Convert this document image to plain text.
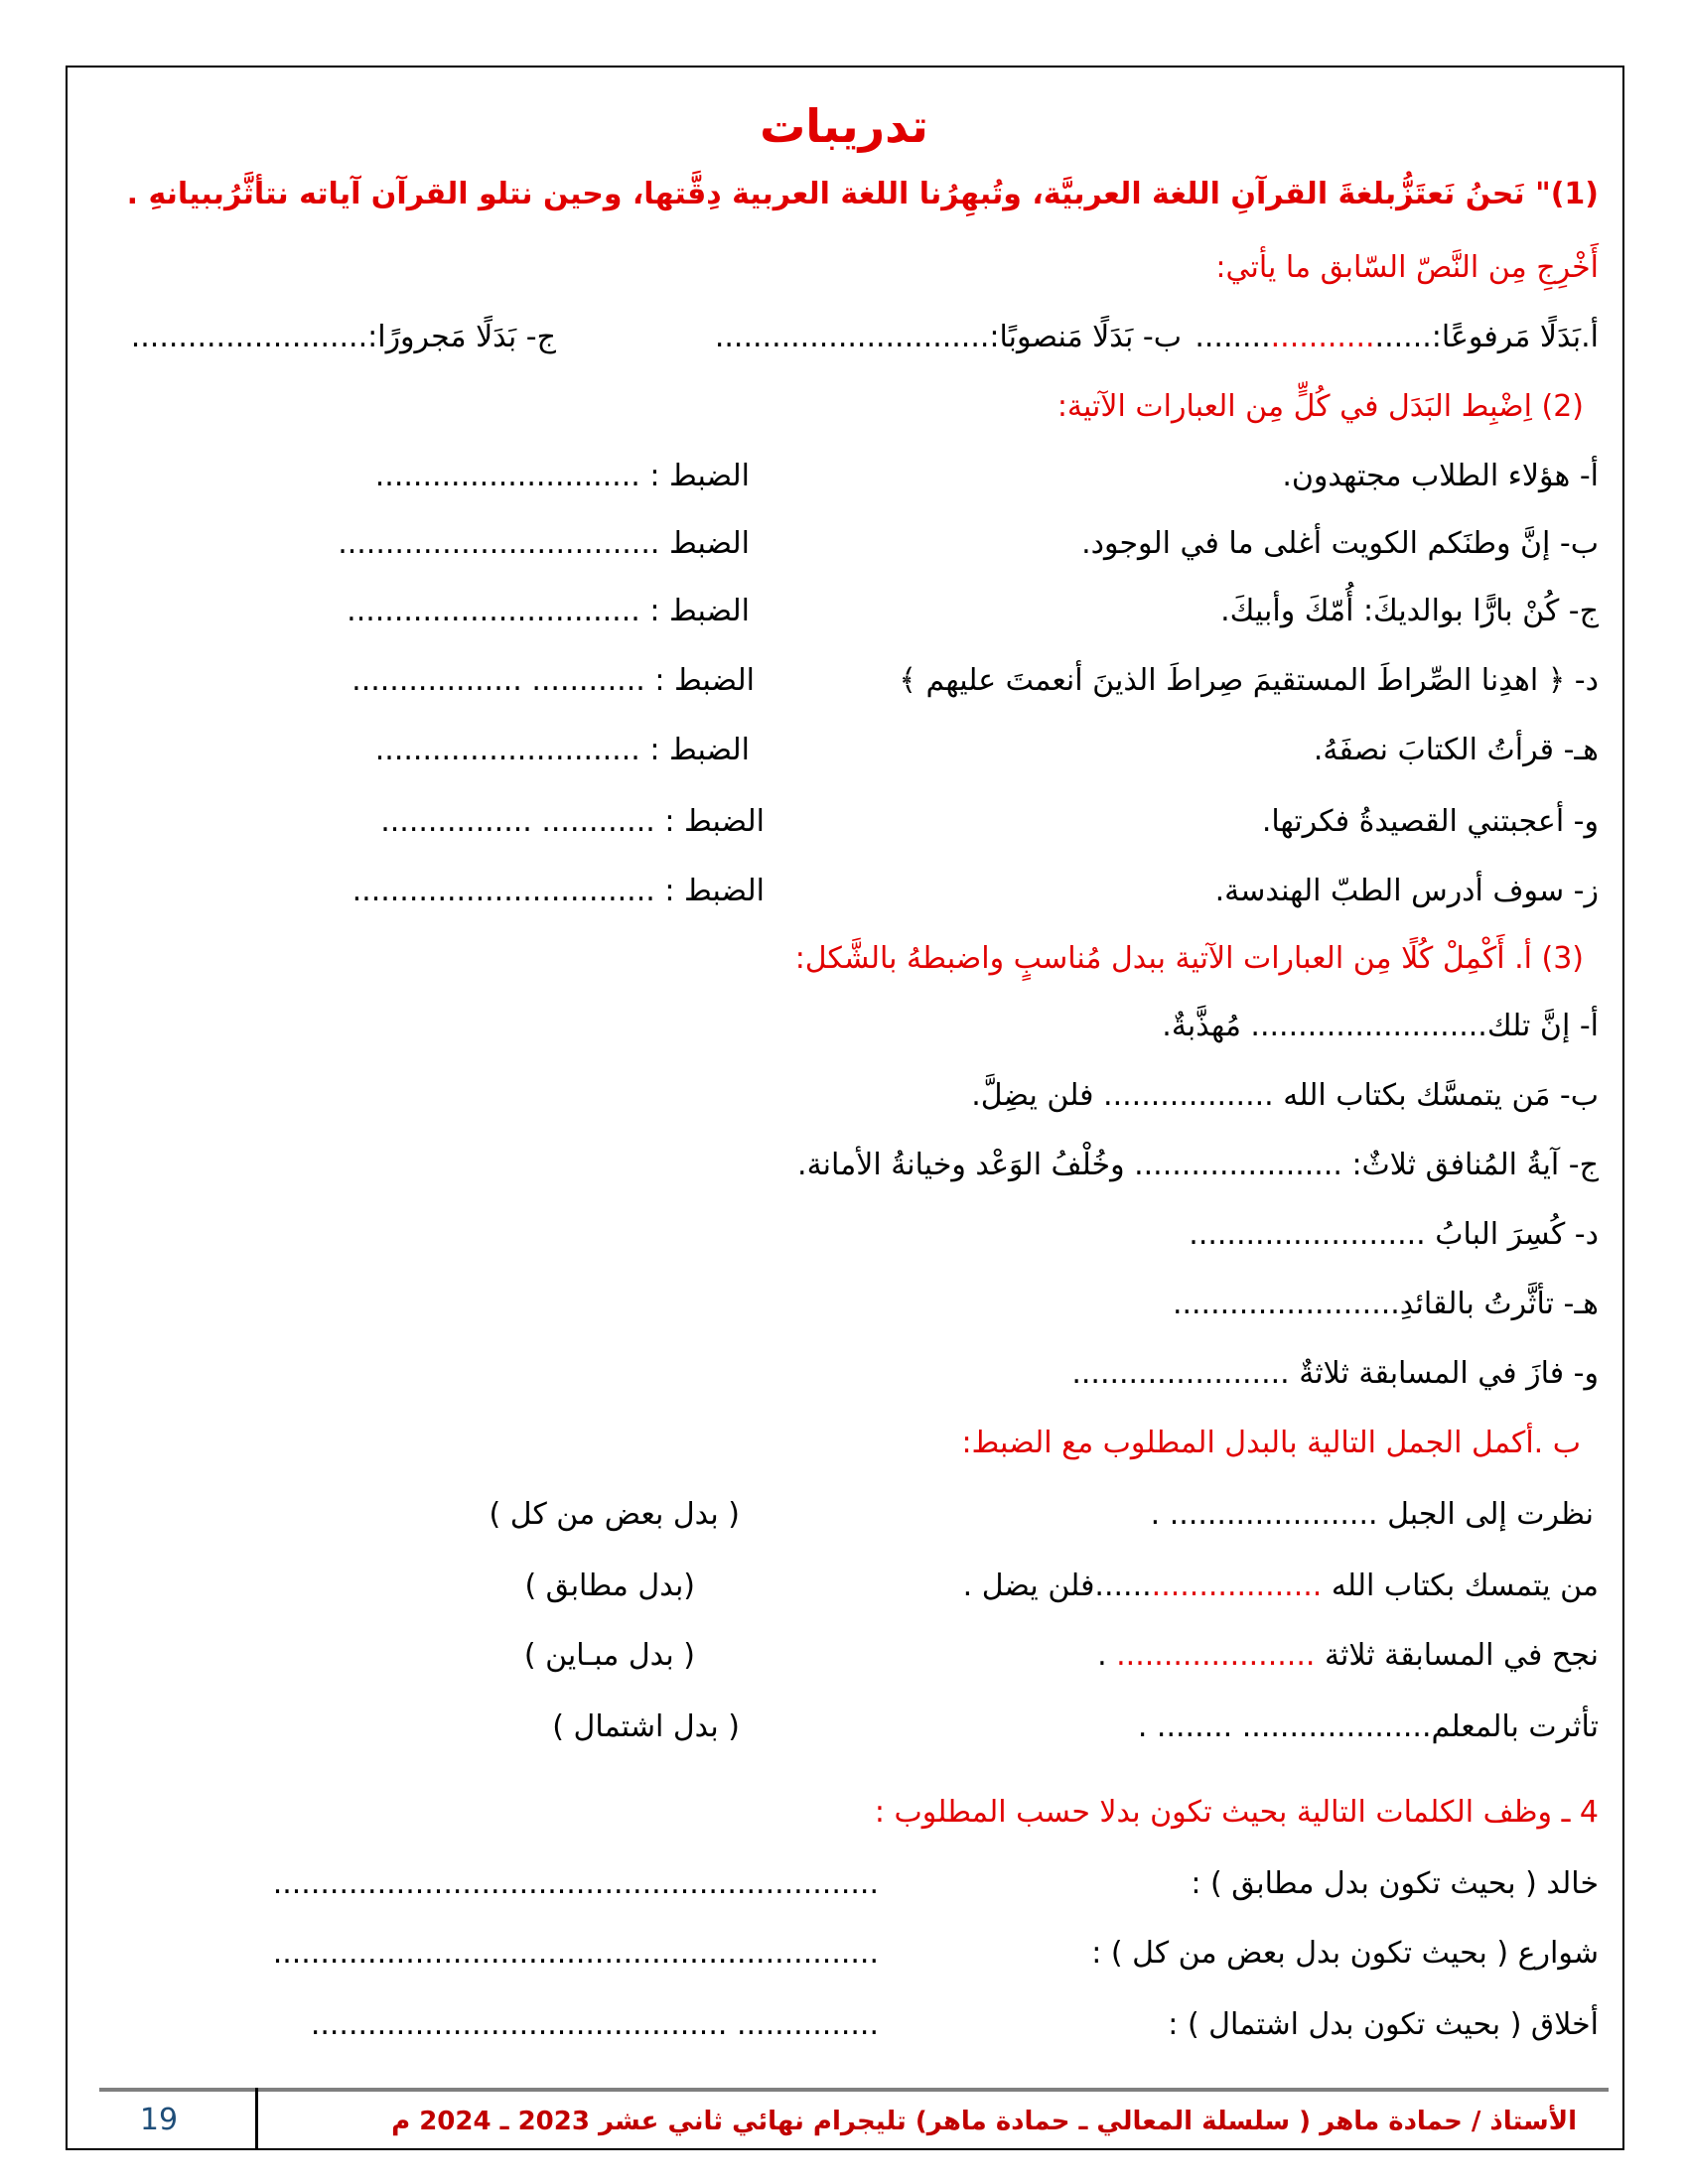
تدريبات
(1)" نَحنُ نَعتَزُّبلغةَ القرآنِ اللغة العربيَّة، وتُبهِرُنا اللغة العربية دِقَّتها، وحين نتلو القرآن آياته نتأثَّرُببيانهِ .
أَخْرِجِ مِن النَّصّ السّابق ما يأتي:
أ.بَدَلًا مَرفوعًا:.........................
ب- بَدَلًا مَنصوبًا:.............................
ج- بَدَلًا مَجرورًا:.........................
(2) اِضْبِط البَدَل في كُلٍّ مِن العبارات الآتية:
أ- هؤلاء الطلاب مجتهدون.
الضبط : ............................
ب- إنَّ وطنَكم الكويت أغلى ما في الوجود.
الضبط ..................................
ج- كُنْ بارًّا بوالديكَ: أُمّكَ وأبيكَ.
الضبط : ...............................
د- ﴿ اهدِنا الصِّراطَ المستقيمَ صِراطَ الذينَ أنعمتَ عليهم ﴾
الضبط : ............ ..................
هـ- قرأتُ الكتابَ نصفَهُ.
الضبط : ............................
و- أعجبتني القصيدةُ فكرتها.
الضبط : ............ ................
ز- سوف أدرس الطبّ الهندسة.
الضبط : ................................
(3) أ. أَكْمِلْ كُلًا مِن العبارات الآتية ببدل مُناسبٍ واضبطهُ بالشَّكل:
أ- إنَّ تلك......................... مُهذَّبةٌ.
ب- مَن يتمسَّك بكتاب الله .................. فلن يضِلَّ.
ج- آيةُ المُنافق ثلاثٌ: ...................... وخُلْفُ الوَعْد وخيانةُ الأمانة.
د- كُسِرَ البابُ .........................
هـ- تأثَّرتُ بالقائدِ........................
و- فازَ في المسابقة ثلاثةٌ .......................
ب .أكمل الجمل التالية بالبدل المطلوب مع الضبط:
نظرت إلى الجبل ...................... .
( بدل بعض من كل )
من يتمسك بكتاب الله ........................فلن يضل .
(بدل مطابق )
نجح في المسابقة ثلاثة ..................... .
( بدل مبـاين )
تأثرت بالمعلم.................... ........ .
( بدل اشتمال )
4 ـ وظف الكلمات التالية بحيث تكون بدلا حسب المطلوب :
خالد ( بحيث تكون بدل مطابق ) :
................................................................
شوارع ( بحيث تكون بدل بعض من كل ) :
................................................................
أخلاق ( بحيث تكون بدل اشتمال ) :
............... ............................................
19	الأستاذ / حمادة ماهر ( سلسلة المعالي ـ حمادة ماهر) تليجرام نهائي ثاني عشر 2023 ـ 2024 م
